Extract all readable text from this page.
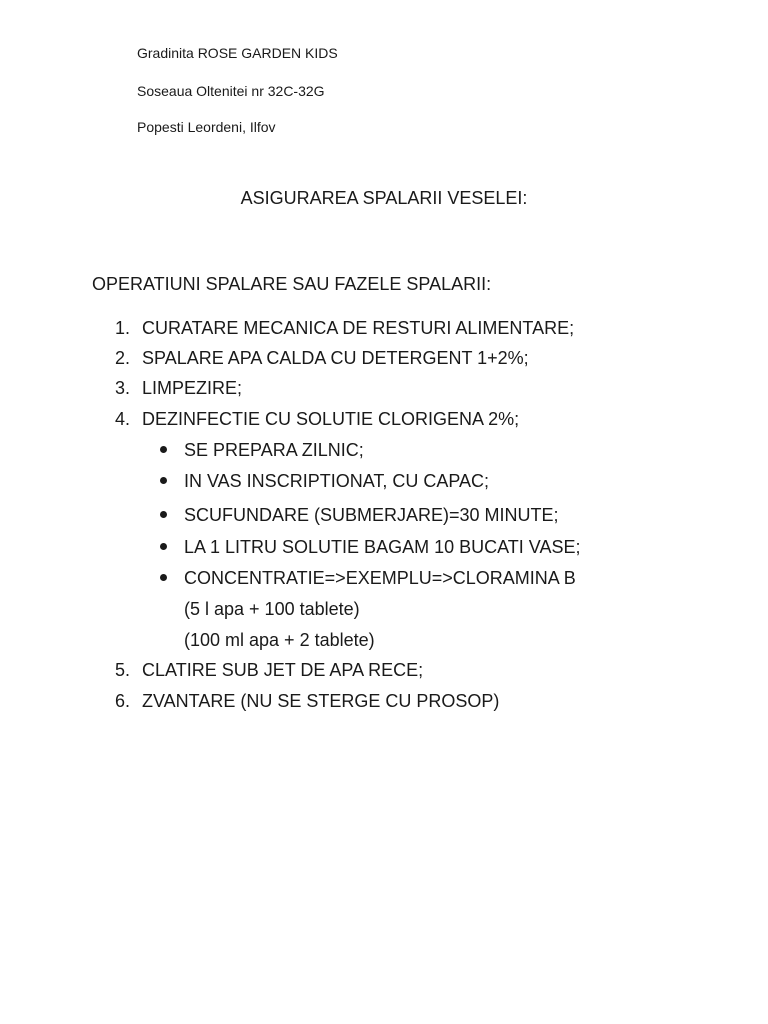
Gradinita ROSE GARDEN KIDS
Soseaua Oltenitei nr 32C-32G
Popesti Leordeni, Ilfov
ASIGURAREA SPALARII VESELEI:
OPERATIUNI SPALARE SAU FAZELE SPALARII:
1. CURATARE MECANICA DE RESTURI ALIMENTARE;
2. SPALARE APA CALDA CU DETERGENT 1+2%;
3. LIMPEZIRE;
4. DEZINFECTIE CU SOLUTIE CLORIGENA 2%;
SE PREPARA ZILNIC;
IN VAS INSCRIPTIONAT, CU CAPAC;
SCUFUNDARE (SUBMERJARE)=30 MINUTE;
LA 1 LITRU SOLUTIE BAGAM 10 BUCATI VASE;
CONCENTRATIE=>EXEMPLU=>CLORAMINA B
(5 l apa + 100 tablete)
(100 ml apa + 2 tablete)
5. CLATIRE SUB JET DE APA RECE;
6. ZVANTARE (NU SE STERGE CU PROSOP)
